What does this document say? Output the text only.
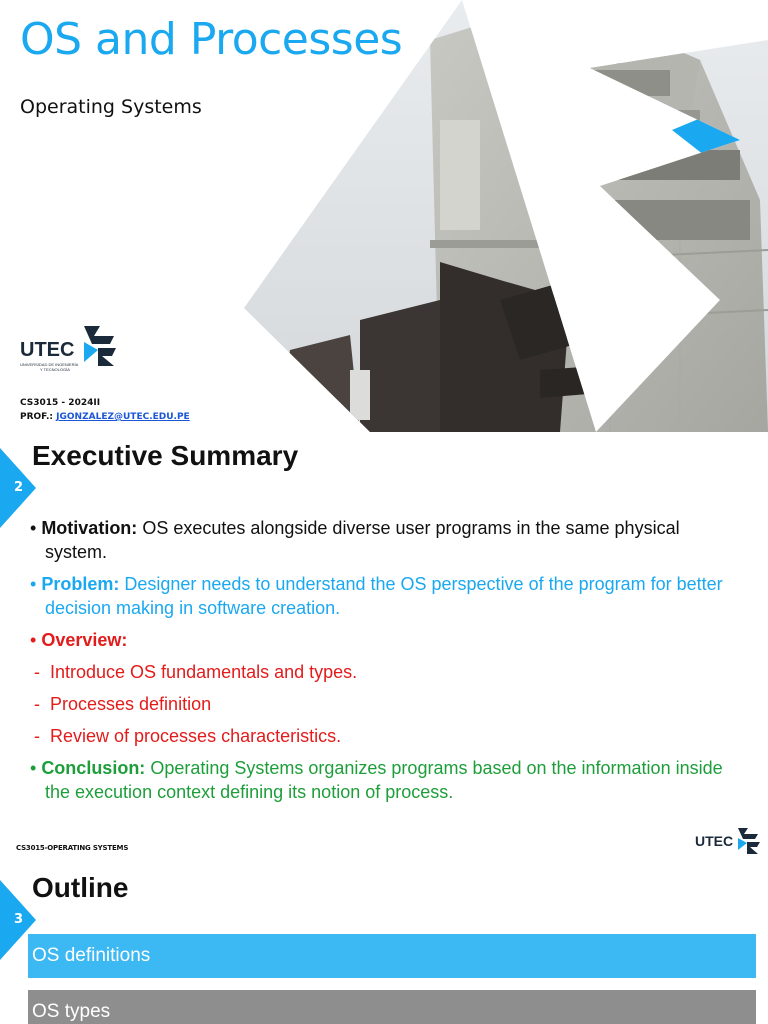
OS and Processes
Operating Systems
UTEC
UNIVERSIDAD DE INGENIERÍA
Y TECNOLOGÍA
CS3015 - 2024II
PROF.: JGONZALEZ@UTEC.EDU.PE
2
Executive Summary
• Motivation: OS executes alongside diverse user programs in the same physical system.
• Problem: Designer needs to understand the OS perspective of the program for better decision making in software creation.
• Overview:
-  Introduce OS fundamentals and types.
-  Processes definition
-  Review of processes characteristics.
• Conclusion: Operating Systems organizes programs based on the information inside the execution context defining its notion of process.
CS3015-OPERATING SYSTEMS	UTEC
3
Outline
OS definitions
OS types
